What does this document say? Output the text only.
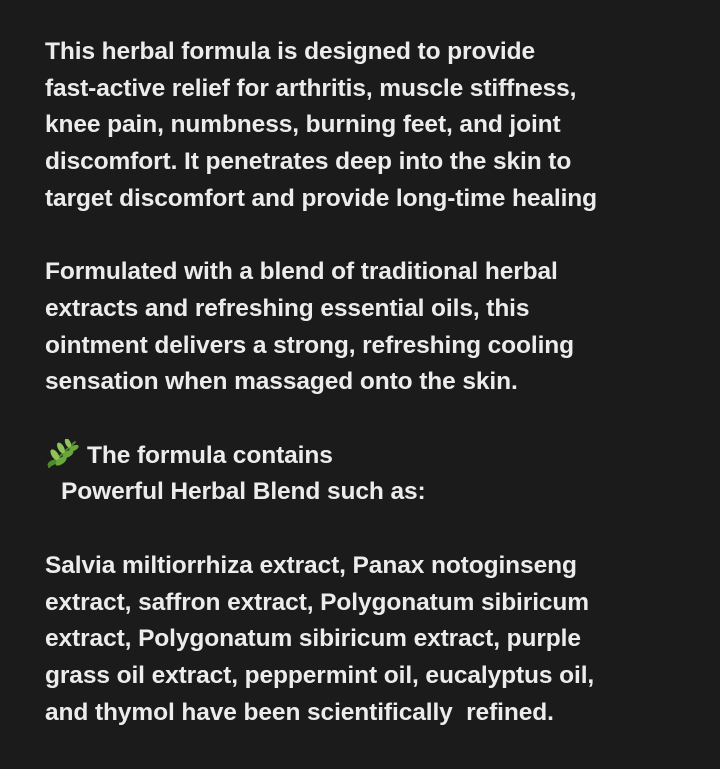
This herbal formula is designed to provide
fast-active relief for arthritis, muscle stiffness,
knee pain, numbness, burning feet, and joint
discomfort. It penetrates deep into the skin to
target discomfort and provide long-time healing

Formulated with a blend of traditional herbal
extracts and refreshing essential oils, this
ointment delivers a strong, refreshing cooling
sensation when massaged onto the skin.

The formula contains
Powerful Herbal Blend such as:

Salvia miltiorrhiza extract, Panax notoginseng
extract, saffron extract, Polygonatum sibiricum
extract, Polygonatum sibiricum extract, purple
grass oil extract, peppermint oil, eucalyptus oil,
and thymol have been scientifically  refined.
